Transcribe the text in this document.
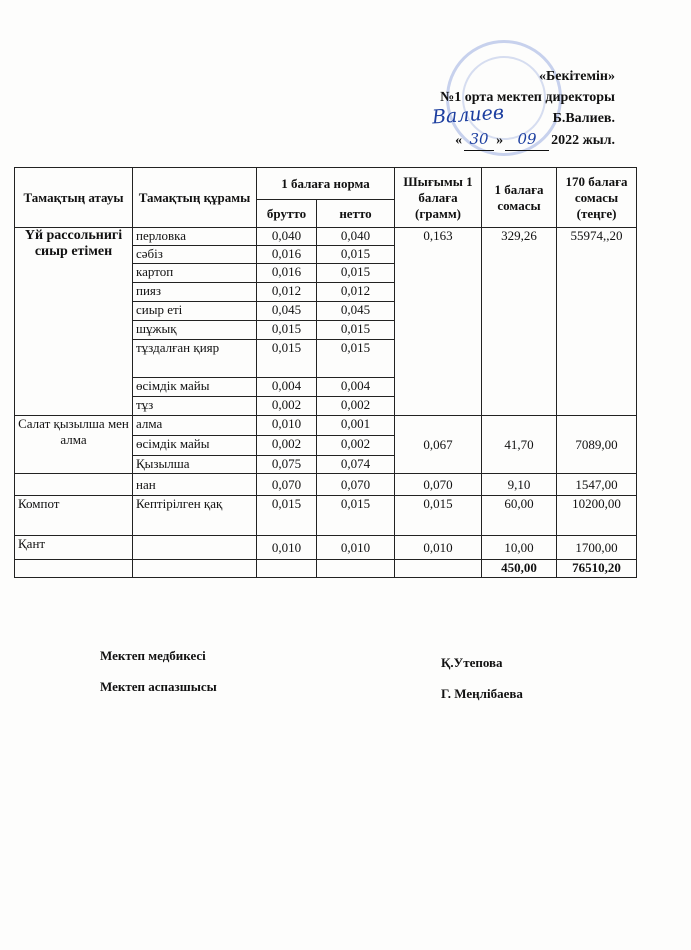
Валиев
«Бекітемін»
№1 орта мектеп директоры
Б.Валиев.
« 30 » 09	2022 жыл.
Тамақтың атауы	Тамақтың құрамы	1 балаға норма		Шығымы 1 балаға (грамм)	1 балаға сомасы	170 балаға сомасы (теңге)
		брутто	нетто			
Үй рассольнигі сиыр етімен	перловка	0,040	0,040	0,163	329,26	55974,,20
	сәбіз	0,016	0,015			
	картоп	0,016	0,015			
	пияз	0,012	0,012			
	сиыр еті	0,045	0,045			
	шұжық	0,015	0,015			
	тұздалған қияр	0,015	0,015			
	өсімдік майы	0,004	0,004			
	тұз	0,002	0,002			
Салат қызылша мен алма	алма	0,010	0,001	0,067	41,70	7089,00
	өсімдік майы	0,002	0,002			
	Қызылша	0,075	0,074			
	нан	0,070	0,070	0,070	9,10	1547,00
Компот	Кептірілген қақ	0,015	0,015	0,015	60,00	10200,00
Қант		0,010	0,010	0,010	10,00	1700,00
					450,00	76510,20
Мектеп медбикесі	Қ.Утепова
Мектеп аспазшысы	Г. Меңлібаева
